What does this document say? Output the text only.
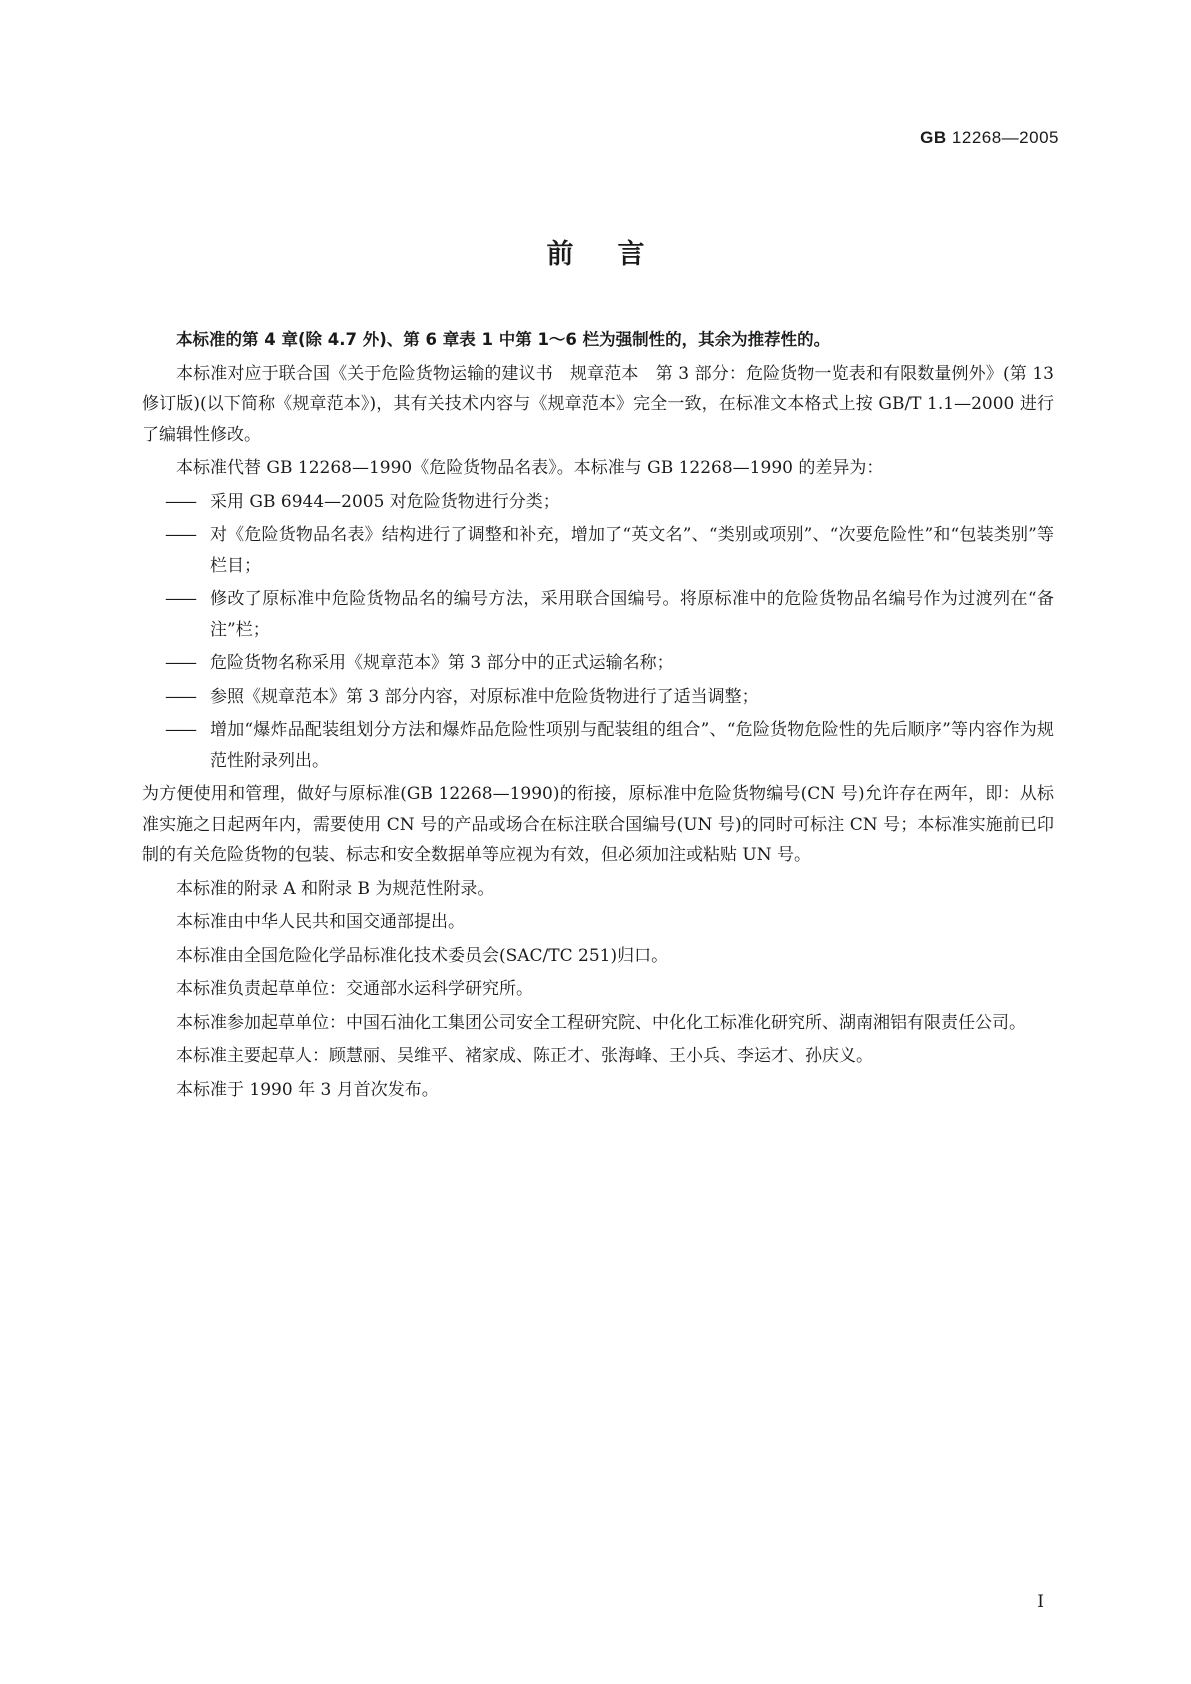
GB 12268—2005
前言

本标准的第 4 章(除 4.7 外)、第 6 章表 1 中第 1～6 栏为强制性的，其余为推荐性的。

本标准对应于联合国《关于危险货物运输的建议书　规章范本　第 3 部分：危险货物一览表和有限数量例外》(第 13 修订版)(以下简称《规章范本》)，其有关技术内容与《规章范本》完全一致，在标准文本格式上按 GB/T 1.1—2000 进行了编辑性修改。

本标准代替 GB 12268—1990《危险货物品名表》。本标准与 GB 12268—1990 的差异为：

—— 采用 GB 6944—2005 对危险货物进行分类；
—— 对《危险货物品名表》结构进行了调整和补充，增加了“英文名”、“类别或项别”、“次要危险性”和“包装类别”等栏目；
—— 修改了原标准中危险货物品名的编号方法，采用联合国编号。将原标准中的危险货物品名编号作为过渡列在“备注”栏；
—— 危险货物名称采用《规章范本》第 3 部分中的正式运输名称；
—— 参照《规章范本》第 3 部分内容，对原标准中危险货物进行了适当调整；
—— 增加“爆炸品配装组划分方法和爆炸品危险性项别与配装组的组合”、“危险货物危险性的先后顺序”等内容作为规范性附录列出。

为方便使用和管理，做好与原标准(GB 12268—1990)的衔接，原标准中危险货物编号(CN 号)允许存在两年，即：从标准实施之日起两年内，需要使用 CN 号的产品或场合在标注联合国编号(UN 号)的同时可标注 CN 号；本标准实施前已印制的有关危险货物的包装、标志和安全数据单等应视为有效，但必须加注或粘贴 UN 号。

本标准的附录 A 和附录 B 为规范性附录。

本标准由中华人民共和国交通部提出。

本标准由全国危险化学品标准化技术委员会(SAC/TC 251)归口。

本标准负责起草单位：交通部水运科学研究所。

本标准参加起草单位：中国石油化工集团公司安全工程研究院、中化化工标准化研究所、湖南湘铝有限责任公司。

本标准主要起草人：顾慧丽、吴维平、褚家成、陈正才、张海峰、王小兵、李运才、孙庆义。

本标准于 1990 年 3 月首次发布。

I
